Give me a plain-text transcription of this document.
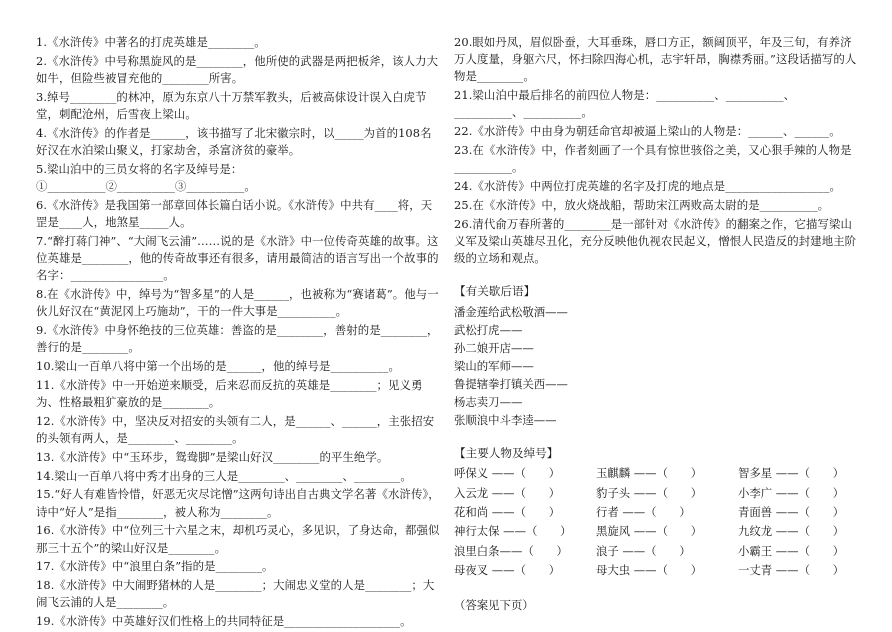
1.《水浒传》中著名的打虎英雄是________。

2.《水浒传》中号称黑旋风的是________，他所使的武器是两把板斧，该人力大如牛，但险些被冒充他的________所害。

3.绰号________的林冲，原为东京八十万禁军教头，后被高俅设计误入白虎节堂，刺配沧州，后雪夜上梁山。

4.《水浒传》的作者是______，该书描写了北宋徽宗时，以_____为首的108名好汉在水泊梁山聚义，打家劫舍，杀富济贫的豪举。

5.梁山泊中的三员女将的名字及绰号是：①__________②__________③__________。

6.《水浒传》是我国第一部章回体长篇白话小说。《水浒传》中共有____将，天罡是____人，地煞星_____人。

7.“醉打蒋门神”、“大闹飞云浦”……说的是《水浒》中一位传奇英雄的故事。这位英雄是________，他的传奇故事还有很多，请用最简洁的语言写出一个故事的名字：________________。

8.在《水浒传》中，绰号为“智多星”的人是______，也被称为“赛诸葛”。他与一伙儿好汉在“黄泥冈上巧施劫”，干的一件大事是__________。

9.《水浒传》中身怀绝技的三位英雄：善盗的是________，善射的是________，善行的是________。

10.梁山一百单八将中第一个出场的是______，他的绰号是__________。

11.《水浒传》中一开始逆来顺受，后来忍而反抗的英雄是________；见义勇为、性格最粗犷豪放的是________。

12.《水浒传》中，坚决反对招安的头领有二人，是______、______，主张招安的头领有两人，是________、________。

13.《水浒传》中“玉环步，鸳鸯脚”是梁山好汉________的平生绝学。

14.梁山一百单八将中秀才出身的三人是________、________、________。

15.“好人有难皆怜惜，奸恶无灾尽诧憎”这两句诗出自古典文学名著《水浒传》，诗中“好人”是指________，被人称为________。

16.《水浒传》中“位列三十六星之末，却机巧灵心，多见识，了身达命，都强似那三十五个”的梁山好汉是________。

17.《水浒传》中“浪里白条”指的是________。

18.《水浒传》中大闹野猪林的人是________；大闹忠义堂的人是________；大闹飞云浦的人是________。

19.《水浒传》中英雄好汉们性格上的共同特征是____________________。

20.眼如丹凤，眉似卧蚕，大耳垂珠，唇口方正，额阔顶平，年及三旬，有养济万人度量，身躯六尺，怀扫除四海心机，志宇轩昂，胸襟秀丽。”这段话描写的人物是________。

21.梁山泊中最后排名的前四位人物是：__________、__________、__________、__________。

22.《水浒传》中由身为朝廷命官却被逼上梁山的人物是：______、______。

23.在《水浒传》中，作者刻画了一个具有惊世骇俗之美，又心狠手辣的人物是__________。

24.《水浒传》中两位打虎英雄的名字及打虎的地点是__________________。

25.在《水浒传》中，放火烧战船，帮助宋江两败高太尉的是__________。

26.清代俞万春所著的________是一部针对《水浒传》的翻案之作，它描写梁山义军及梁山英雄尽丑化，充分反映他仇视农民起义，憎恨人民造反的封建地主阶级的立场和观点。

【有关歇后语】

潘金莲给武松敬酒——

武松打虎——

孙二娘开店——

梁山的军师——

鲁提辖拳打镇关西——

杨志卖刀——

张顺浪中斗李逵——

【主要人物及绰号】
呼保义 ——（　　）	玉麒麟 ——（　　）	智多星 ——（　　）
入云龙 ——（　　）	豹子头 ——（　　）	小李广 ——（　　）
花和尚 ——（　　）	行者 ——（　　）	青面兽 ——（　　）
神行太保 ——（　　）	黑旋风 ——（　　）	九纹龙 ——（　　）
浪里白条——（　　）	浪子 ——（　　）	小霸王 ——（　　）
母夜叉 ——（　　）	母大虫 ——（　　）	一丈青 ——（　　）
（答案见下页）
